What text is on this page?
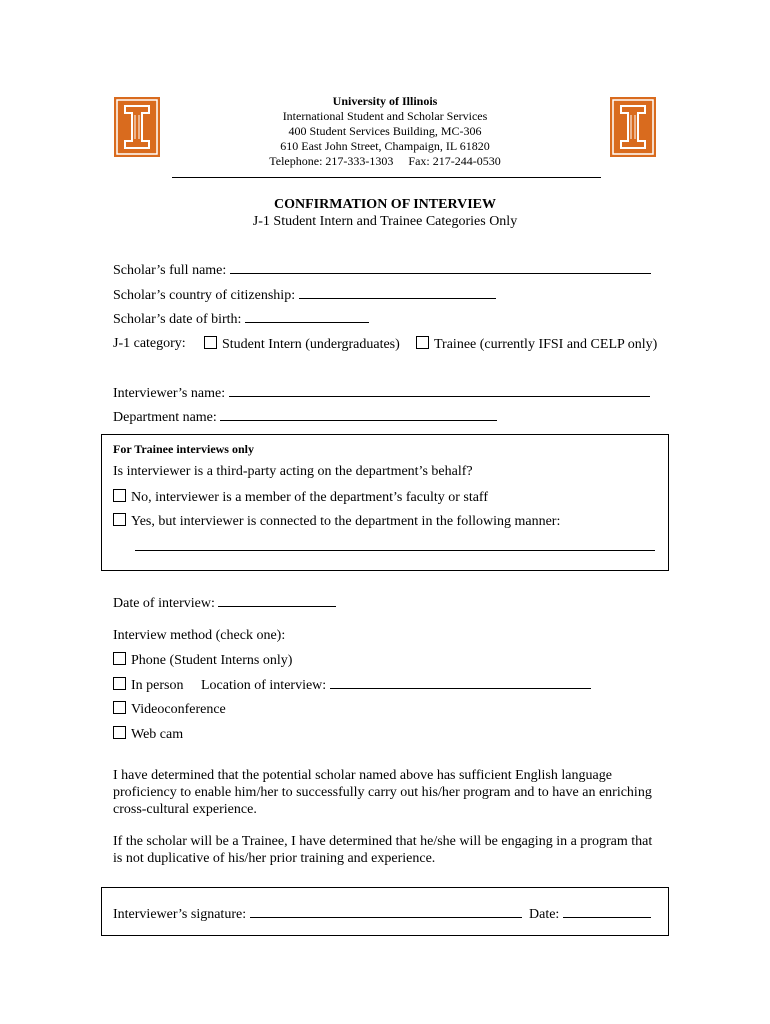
University of Illinois
International Student and Scholar Services
400 Student Services Building, MC-306
610 East John Street, Champaign, IL 61820
Telephone: 217-333-1303     Fax: 217-244-0530
CONFIRMATION OF INTERVIEW
J-1 Student Intern and Trainee Categories Only
Scholar’s full name:
Scholar’s country of citizenship:
Scholar’s date of birth:
J-1 category:	Student Intern (undergraduates)	Trainee (currently IFSI and CELP only)
Interviewer’s name:
Department name:
For Trainee interviews only
Is interviewer is a third-party acting on the department’s behalf?
No, interviewer is a member of the department’s faculty or staff
Yes, but interviewer is connected to the department in the following manner:
Date of interview:
Interview method (check one):
Phone (Student Interns only)
In person Location of interview:
Videoconference
Web cam
I have determined that the potential scholar named above has sufficient English language proficiency to enable him/her to successfully carry out his/her program and to have an enriching cross-cultural experience.
If the scholar will be a Trainee, I have determined that he/she will be engaging in a program that is not duplicative of his/her prior training and experience.
Interviewer’s signature:	Date:
